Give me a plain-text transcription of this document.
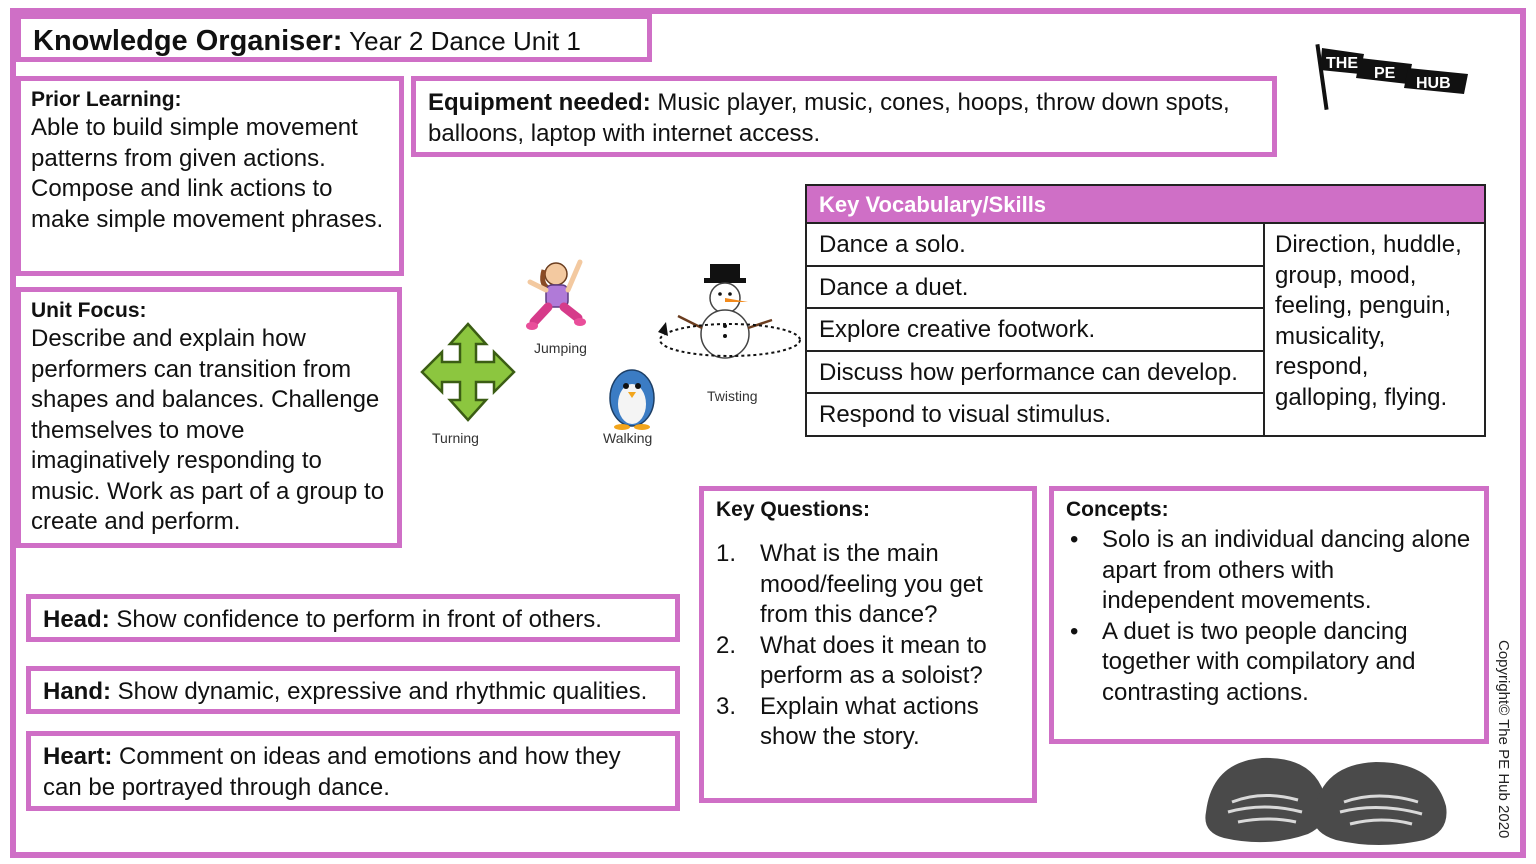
Knowledge Organiser: Year 2 Dance Unit 1
Prior Learning:
Able to build simple movement patterns from given actions. Compose and link actions to make simple movement phrases.
Unit Focus:
Describe and explain how performers can transition from shapes and balances. Challenge themselves to move imaginatively responding to music. Work as part of a group to create and perform.
Equipment needed: Music player, music, cones, hoops, throw down spots, balloons, laptop with internet access.
THE
PE
HUB
Jumping
Turning	Walking
Twisting
Key Vocabulary/Skills
Dance a solo.
Dance a duet.
Explore creative footwork.
Discuss how performance can develop.
Respond to visual stimulus.
Direction, huddle, group, mood, feeling, penguin, musicality, respond, galloping, flying.
Head: Show confidence to perform in front of others.
Hand: Show dynamic, expressive and rhythmic qualities.
Heart: Comment on ideas and emotions and how they can be portrayed through dance.
Key Questions:
1. What is the main mood/feeling you get from this dance?
2. What does it mean to perform as a soloist?
3. Explain what actions show the story.
Concepts:
• Solo is an individual dancing alone apart from others with independent movements.
• A duet is two people dancing together with compilatory and contrasting actions.	Copyright© The PE Hub 2020
